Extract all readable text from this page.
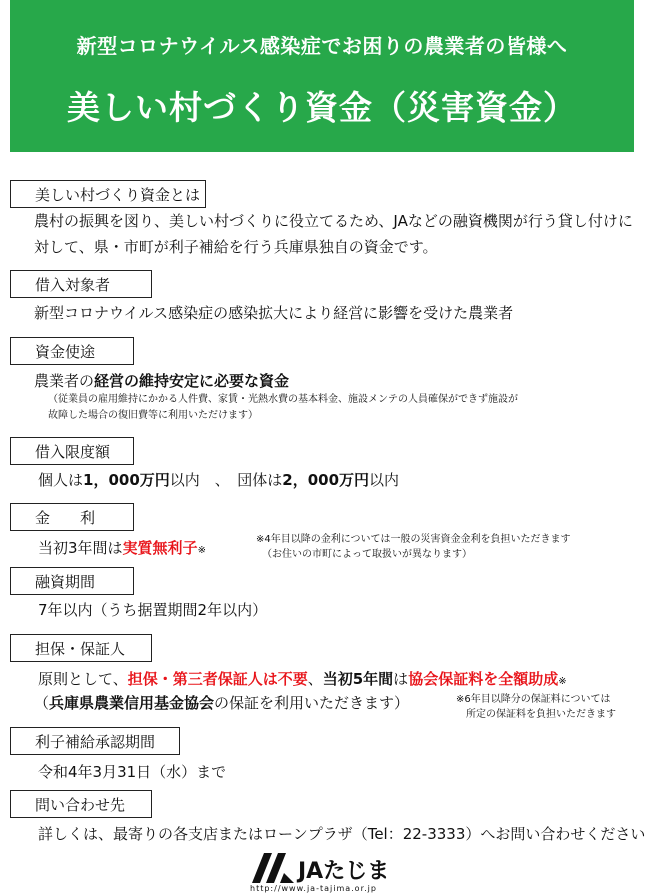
新型コロナウイルス感染症でお困りの農業者の皆様へ
美しい村づくり資金（災害資金）
美しい村づくり資金とは
農村の振興を図り、美しい村づくりに役立てるため、JAなどの融資機関が行う貸し付けに
対して、県・市町が利子補給を行う兵庫県独自の資金です。
借入対象者
新型コロナウイルス感染症の感染拡大により経営に影響を受けた農業者
資金使途
農業者の経営の維持安定に必要な資金
（従業員の雇用維持にかかる人件費、家賃・光熱水費の基本料金、施設メンテの人員確保ができず施設が
故障した場合の復旧費等に利用いただけます）
借入限度額
個人は1，000万円以内　、　団体は2，000万円以内
金　　利
当初3年間は実質無利子※
※4年目以降の金利については一般の災害資金金利を負担いただきます
（お住いの市町によって取扱いが異なります）
融資期間
7年以内（うち据置期間2年以内）
担保・保証人
原則として、担保・第三者保証人は不要、当初5年間は協会保証料を全額助成※
（兵庫県農業信用基金協会の保証を利用いただきます）	※6年目以降分の保証料については
所定の保証料を負担いただきます
利子補給承認期間
令和4年3月31日（水）まで
問い合わせ先
詳しくは、最寄りの各支店またはローンプラザ（Tel：22-3333）へお問い合わせください
JAたじま
http://www.ja-tajima.or.jp
